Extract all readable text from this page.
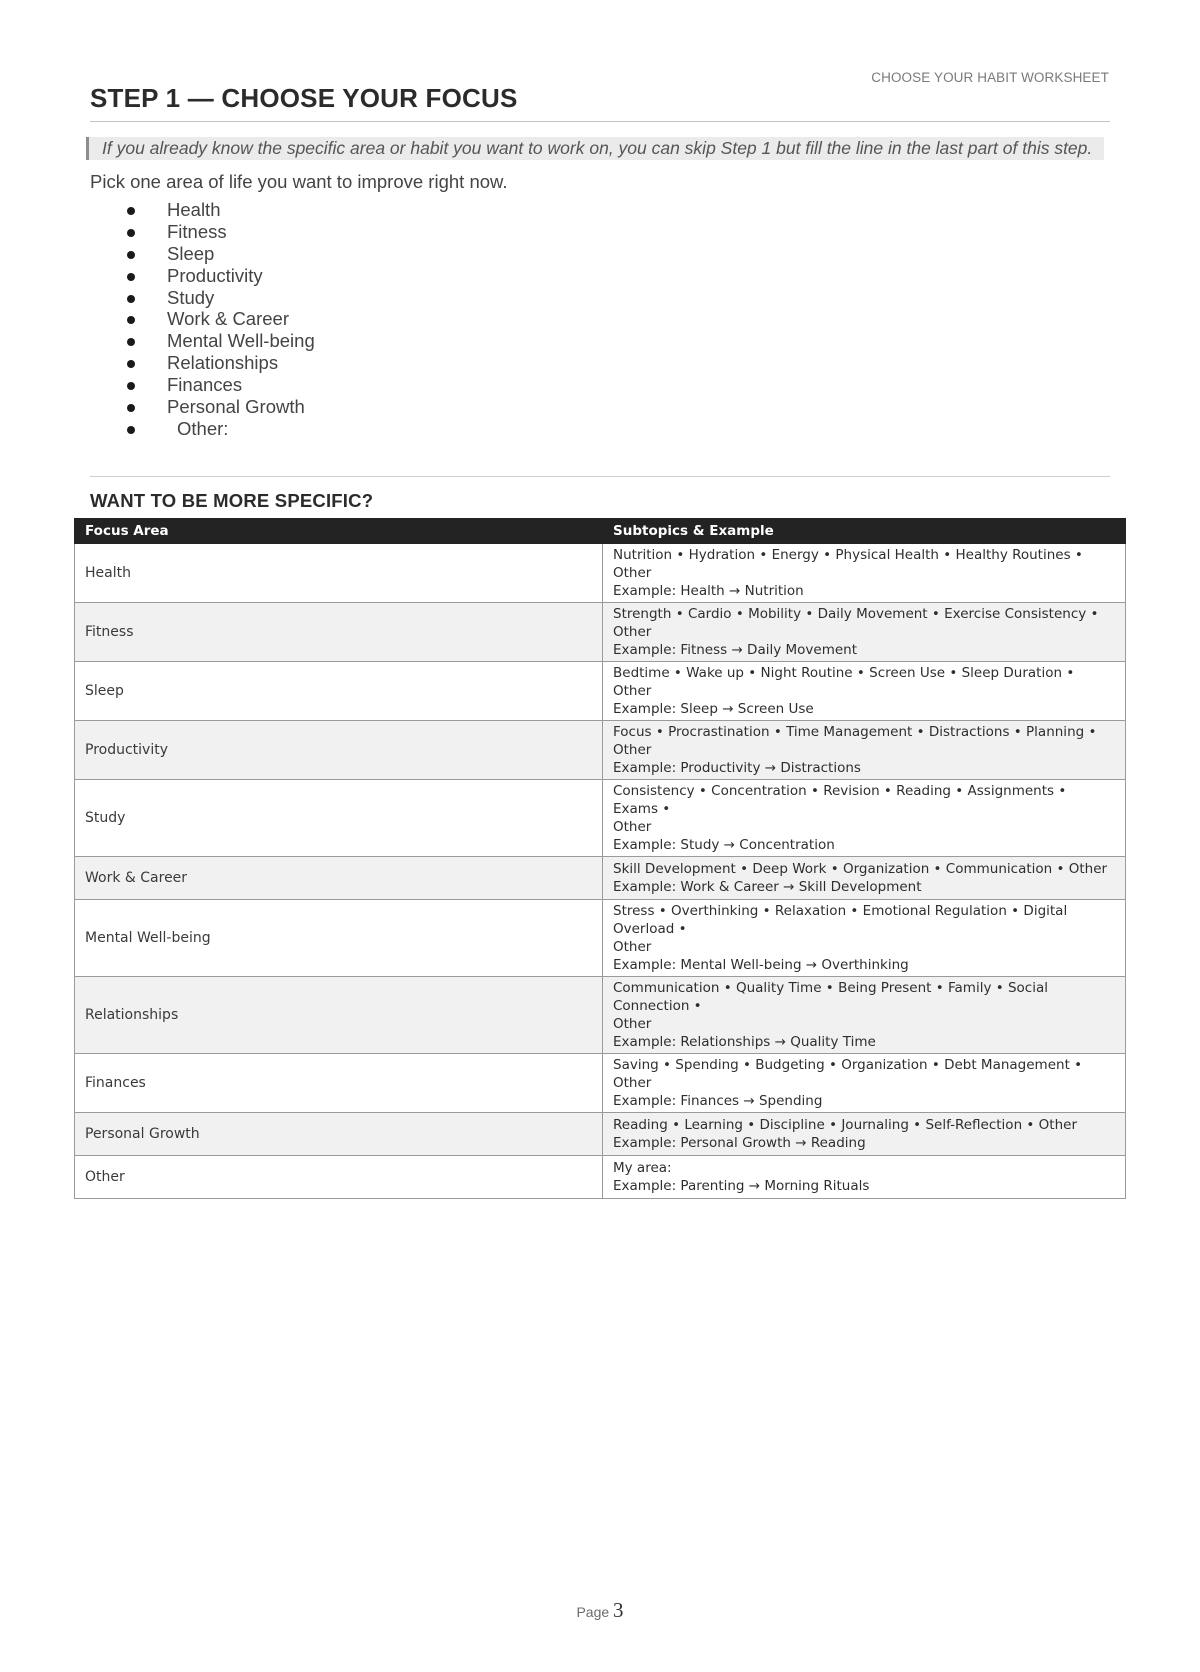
CHOOSE YOUR HABIT WORKSHEET
STEP 1 — CHOOSE YOUR FOCUS
If you already know the specific area or habit you want to work on, you can skip Step 1 but fill the line in the last part of this step.
Pick one area of life you want to improve right now.
Health
Fitness
Sleep
Productivity
Study
Work & Career
Mental Well-being
Relationships
Finances
Personal Growth
Other:
WANT TO BE MORE SPECIFIC?
Focus Area	Subtopics & Example
Health	Nutrition • Hydration • Energy • Physical Health • Healthy Routines • Other
Example: Health → Nutrition

Fitness	Strength • Cardio • Mobility • Daily Movement • Exercise Consistency • Other
Example: Fitness → Daily Movement

Sleep	Bedtime • Wake up • Night Routine • Screen Use • Sleep Duration • Other
Example: Sleep → Screen Use

Productivity	Focus • Procrastination • Time Management • Distractions • Planning • Other
Example: Productivity → Distractions

Study	Consistency • Concentration • Revision • Reading • Assignments • Exams •
Other
Example: Study → Concentration

Work & Career	Skill Development • Deep Work • Organization • Communication • Other
Example: Work & Career → Skill Development

Mental Well-being	Stress • Overthinking • Relaxation • Emotional Regulation • Digital Overload •
Other
Example: Mental Well-being → Overthinking

Relationships	Communication • Quality Time • Being Present • Family • Social Connection •
Other
Example: Relationships → Quality Time

Finances	Saving • Spending • Budgeting • Organization • Debt Management • Other
Example: Finances → Spending

Personal Growth	Reading • Learning • Discipline • Journaling • Self-Reflection • Other
Example: Personal Growth → Reading

Other	My area:
Example: Parenting → Morning Rituals
Page 3
